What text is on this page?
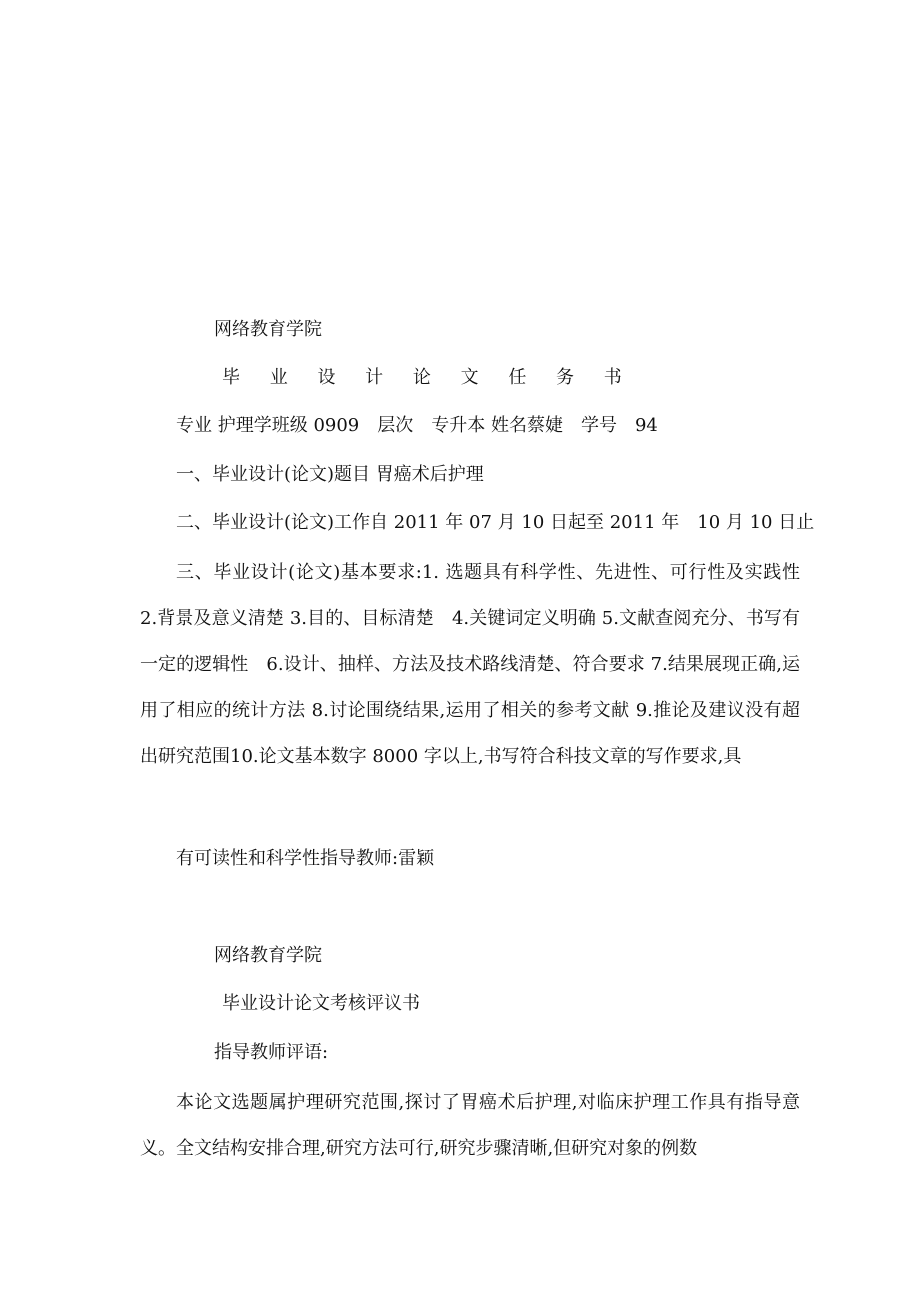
网络教育学院

毕 业 设 计 论 文 任 务 书

专业 护理学班级 0909　层次　专升本 姓名蔡婕　学号　94

一、毕业设计(论文)题目 胃癌术后护理

二、毕业设计(论文)工作自 2011 年 07 月 10 日起至 2011 年　10 月 10 日止

三、毕业设计(论文)基本要求:1. 选题具有科学性、先进性、可行性及实践性　2.背景及意义清楚 3.目的、目标清楚　4.关键词定义明确 5.文献查阅充分、书写有一定的逻辑性　6.设计、抽样、方法及技术路线清楚、符合要求 7.结果展现正确,运用了相应的统计方法 8.讨论围绕结果,运用了相关的参考文献 9.推论及建议没有超出研究范围10.论文基本数字 8000 字以上,书写符合科技文章的写作要求,具

有可读性和科学性指导教师:雷颖

网络教育学院

毕业设计论文考核评议书

指导教师评语:

本论文选题属护理研究范围,探讨了胃癌术后护理,对临床护理工作具有指导意义。全文结构安排合理,研究方法可行,研究步骤清晰,但研究对象的例数
